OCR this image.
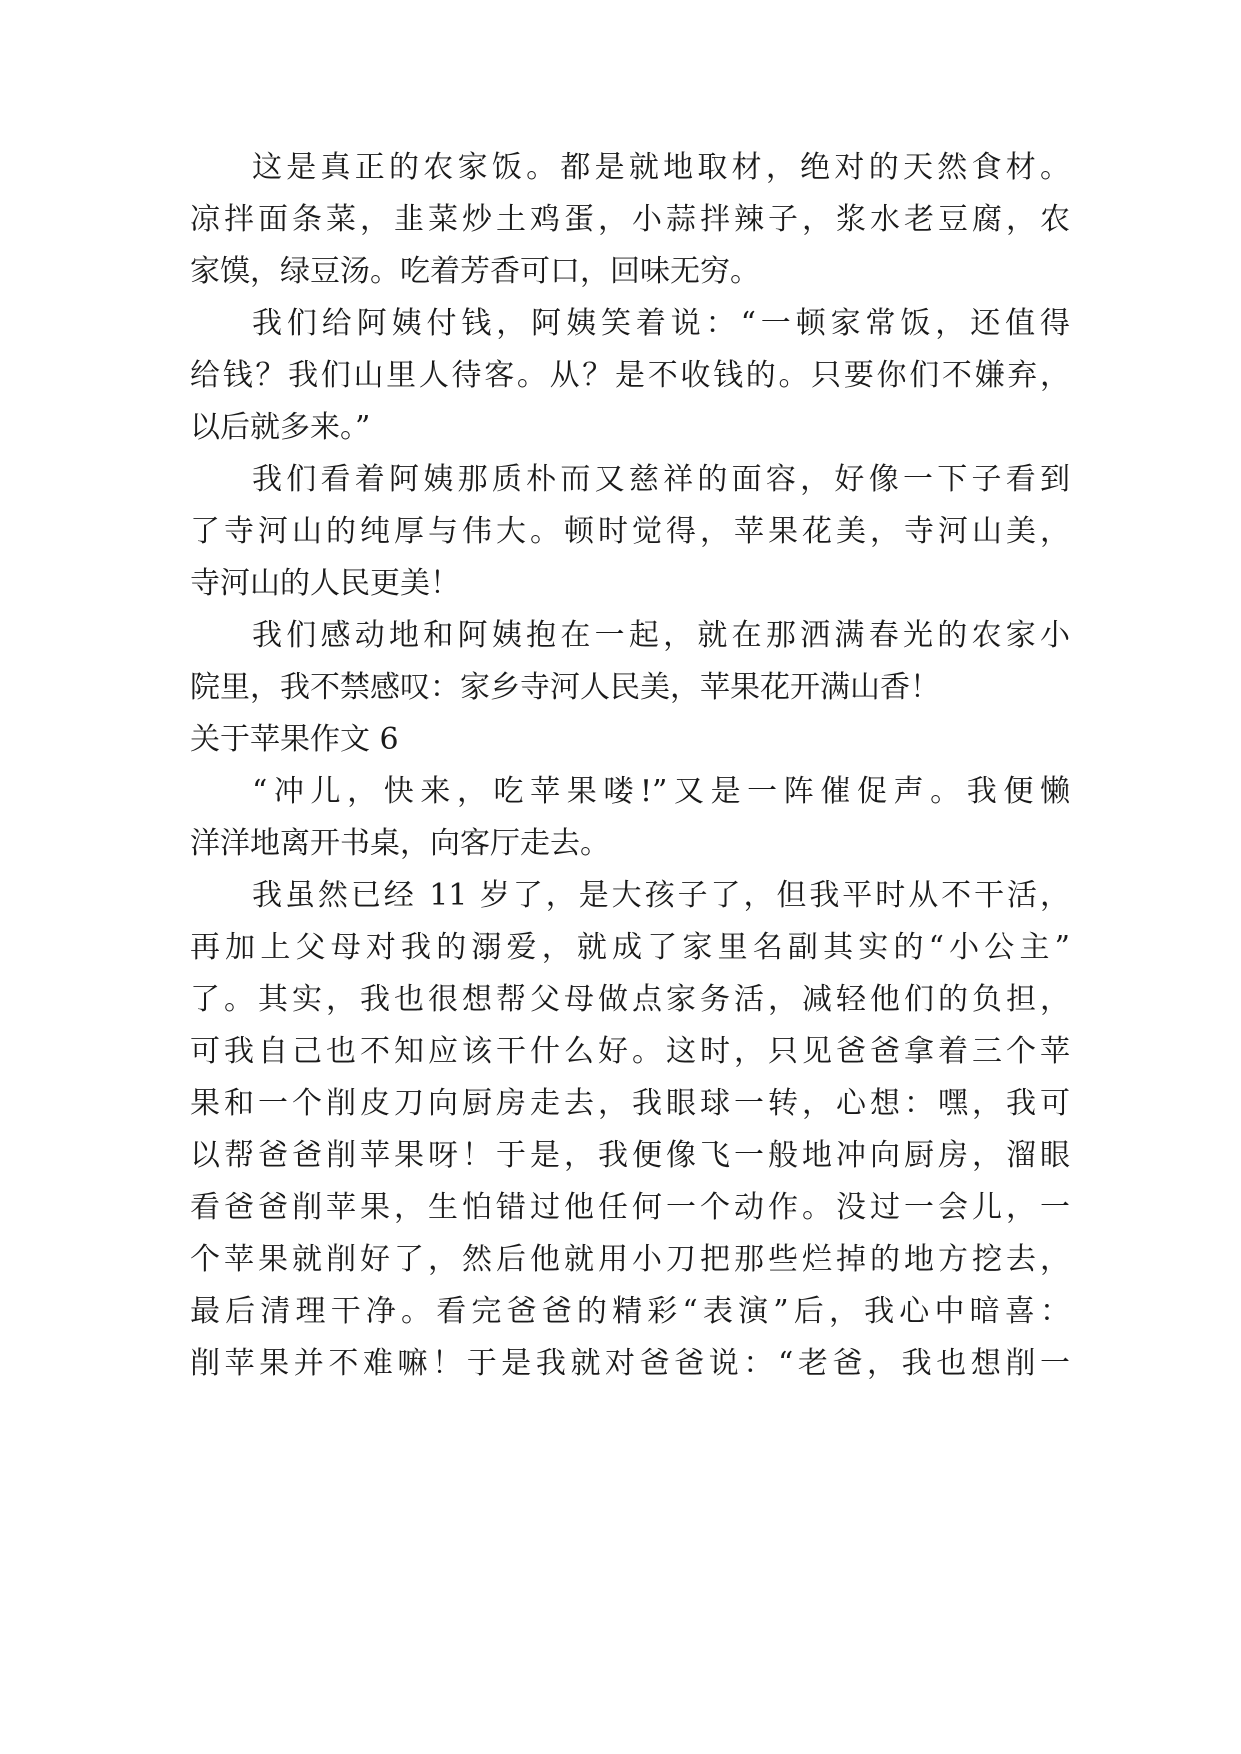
这是真正的农家饭。都是就地取材，绝对的天然食材。
凉拌面条菜，韭菜炒土鸡蛋，小蒜拌辣子，浆水老豆腐，农
家馍，绿豆汤。吃着芳香可口，回味无穷。
我们给阿姨付钱，阿姨笑着说：“一顿家常饭，还值得
给钱？我们山里人待客。从？是不收钱的。只要你们不嫌弃，
以后就多来。”
我们看着阿姨那质朴而又慈祥的面容，好像一下子看到
了寺河山的纯厚与伟大。顿时觉得，苹果花美，寺河山美，
寺河山的人民更美！
我们感动地和阿姨抱在一起，就在那洒满春光的农家小
院里，我不禁感叹：家乡寺河人民美，苹果花开满山香！
关于苹果作文 6
“冲儿，快来，吃苹果喽!”又是一阵催促声。我便懒
洋洋地离开书桌，向客厅走去。
我虽然已经 11 岁了，是大孩子了，但我平时从不干活，
再加上父母对我的溺爱，就成了家里名副其实的“小公主”
了。其实，我也很想帮父母做点家务活，减轻他们的负担，
可我自己也不知应该干什么好。这时，只见爸爸拿着三个苹
果和一个削皮刀向厨房走去，我眼球一转，心想：嘿，我可
以帮爸爸削苹果呀！于是，我便像飞一般地冲向厨房，溜眼
看爸爸削苹果，生怕错过他任何一个动作。没过一会儿，一
个苹果就削好了，然后他就用小刀把那些烂掉的地方挖去，
最后清理干净。看完爸爸的精彩“表演”后，我心中暗喜：
削苹果并不难嘛！于是我就对爸爸说：“老爸，我也想削一
